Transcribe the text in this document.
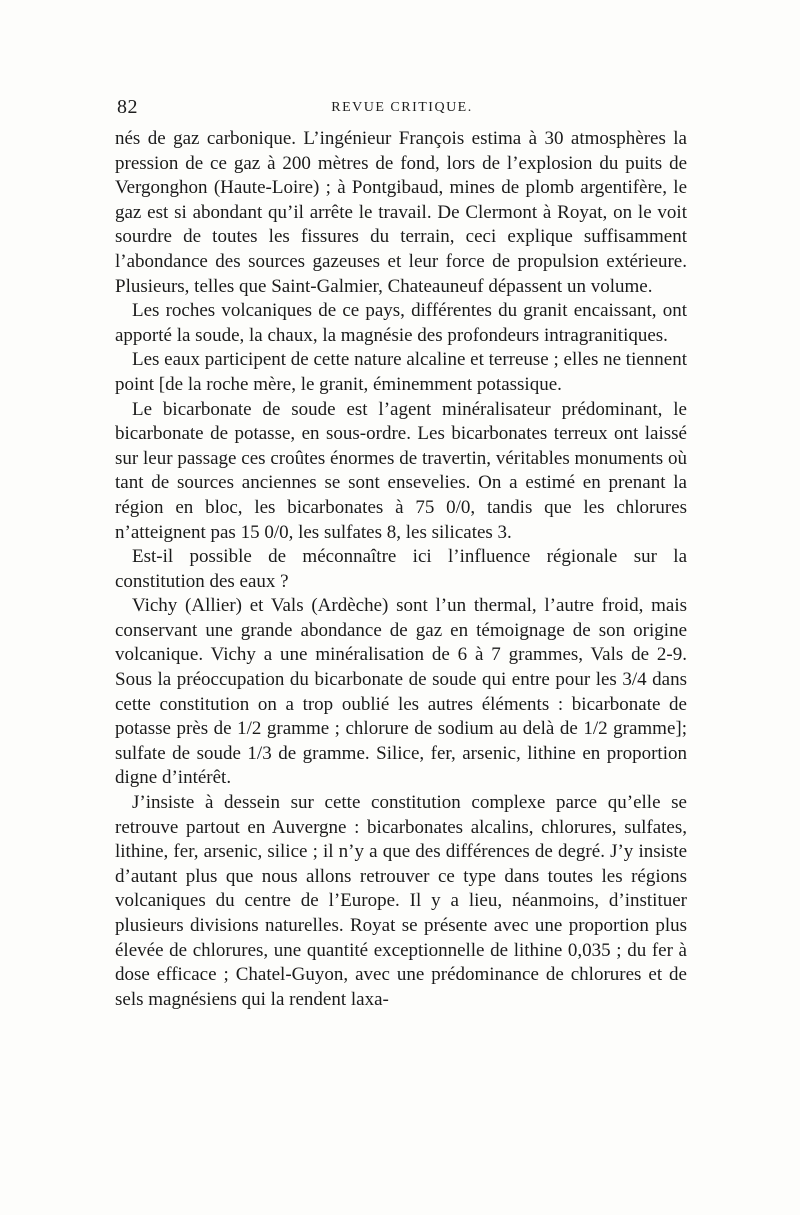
82	REVUE CRITIQUE.

nés de gaz carbonique. L’ingénieur François estima à 30 atmosphères la pression de ce gaz à 200 mètres de fond, lors de l’explosion du puits de Vergonghon (Haute-Loire) ; à Pontgibaud, mines de plomb argentifère, le gaz est si abondant qu’il arrête le travail. De Clermont à Royat, on le voit sourdre de toutes les fissures du terrain, ceci explique suffisamment l’abondance des sources gazeuses et leur force de propulsion extérieure. Plusieurs, telles que Saint-Galmier, Chateauneuf dépassent un volume.

Les roches volcaniques de ce pays, différentes du granit encaissant, ont apporté la soude, la chaux, la magnésie des profondeurs intragranitiques.

Les eaux participent de cette nature alcaline et terreuse ; elles ne tiennent point [de la roche mère, le granit, éminemment potassique.

Le bicarbonate de soude est l’agent minéralisateur prédominant, le bicarbonate de potasse, en sous-ordre. Les bicarbonates terreux ont laissé sur leur passage ces croûtes énormes de travertin, véritables monuments où tant de sources anciennes se sont ensevelies. On a estimé en prenant la région en bloc, les bicarbonates à 75 0/0, tandis que les chlorures n’atteignent pas 15 0/0, les sulfates 8, les silicates 3.

Est-il possible de méconnaître ici l’influence régionale sur la constitution des eaux ?

Vichy (Allier) et Vals (Ardèche) sont l’un thermal, l’autre froid, mais conservant une grande abondance de gaz en témoignage de son origine volcanique. Vichy a une minéralisation de 6 à 7 grammes, Vals de 2-9. Sous la préoccupation du bicarbonate de soude qui entre pour les 3/4 dans cette constitution on a trop oublié les autres éléments : bicarbonate de potasse près de 1/2 gramme ; chlorure de sodium au delà de 1/2 gramme]; sulfate de soude 1/3 de gramme. Silice, fer, arsenic, lithine en proportion digne d’intérêt.

J’insiste à dessein sur cette constitution complexe parce qu’elle se retrouve partout en Auvergne : bicarbonates alcalins, chlorures, sulfates, lithine, fer, arsenic, silice ; il n’y a que des différences de degré. J’y insiste d’autant plus que nous allons retrouver ce type dans toutes les régions volcaniques du centre de l’Europe. Il y a lieu, néanmoins, d’instituer plusieurs divisions naturelles. Royat se présente avec une proportion plus élevée de chlorures, une quantité exceptionnelle de lithine 0,035 ; du fer à dose efficace ; Chatel-Guyon, avec une prédominance de chlorures et de sels magnésiens qui la rendent laxa-
